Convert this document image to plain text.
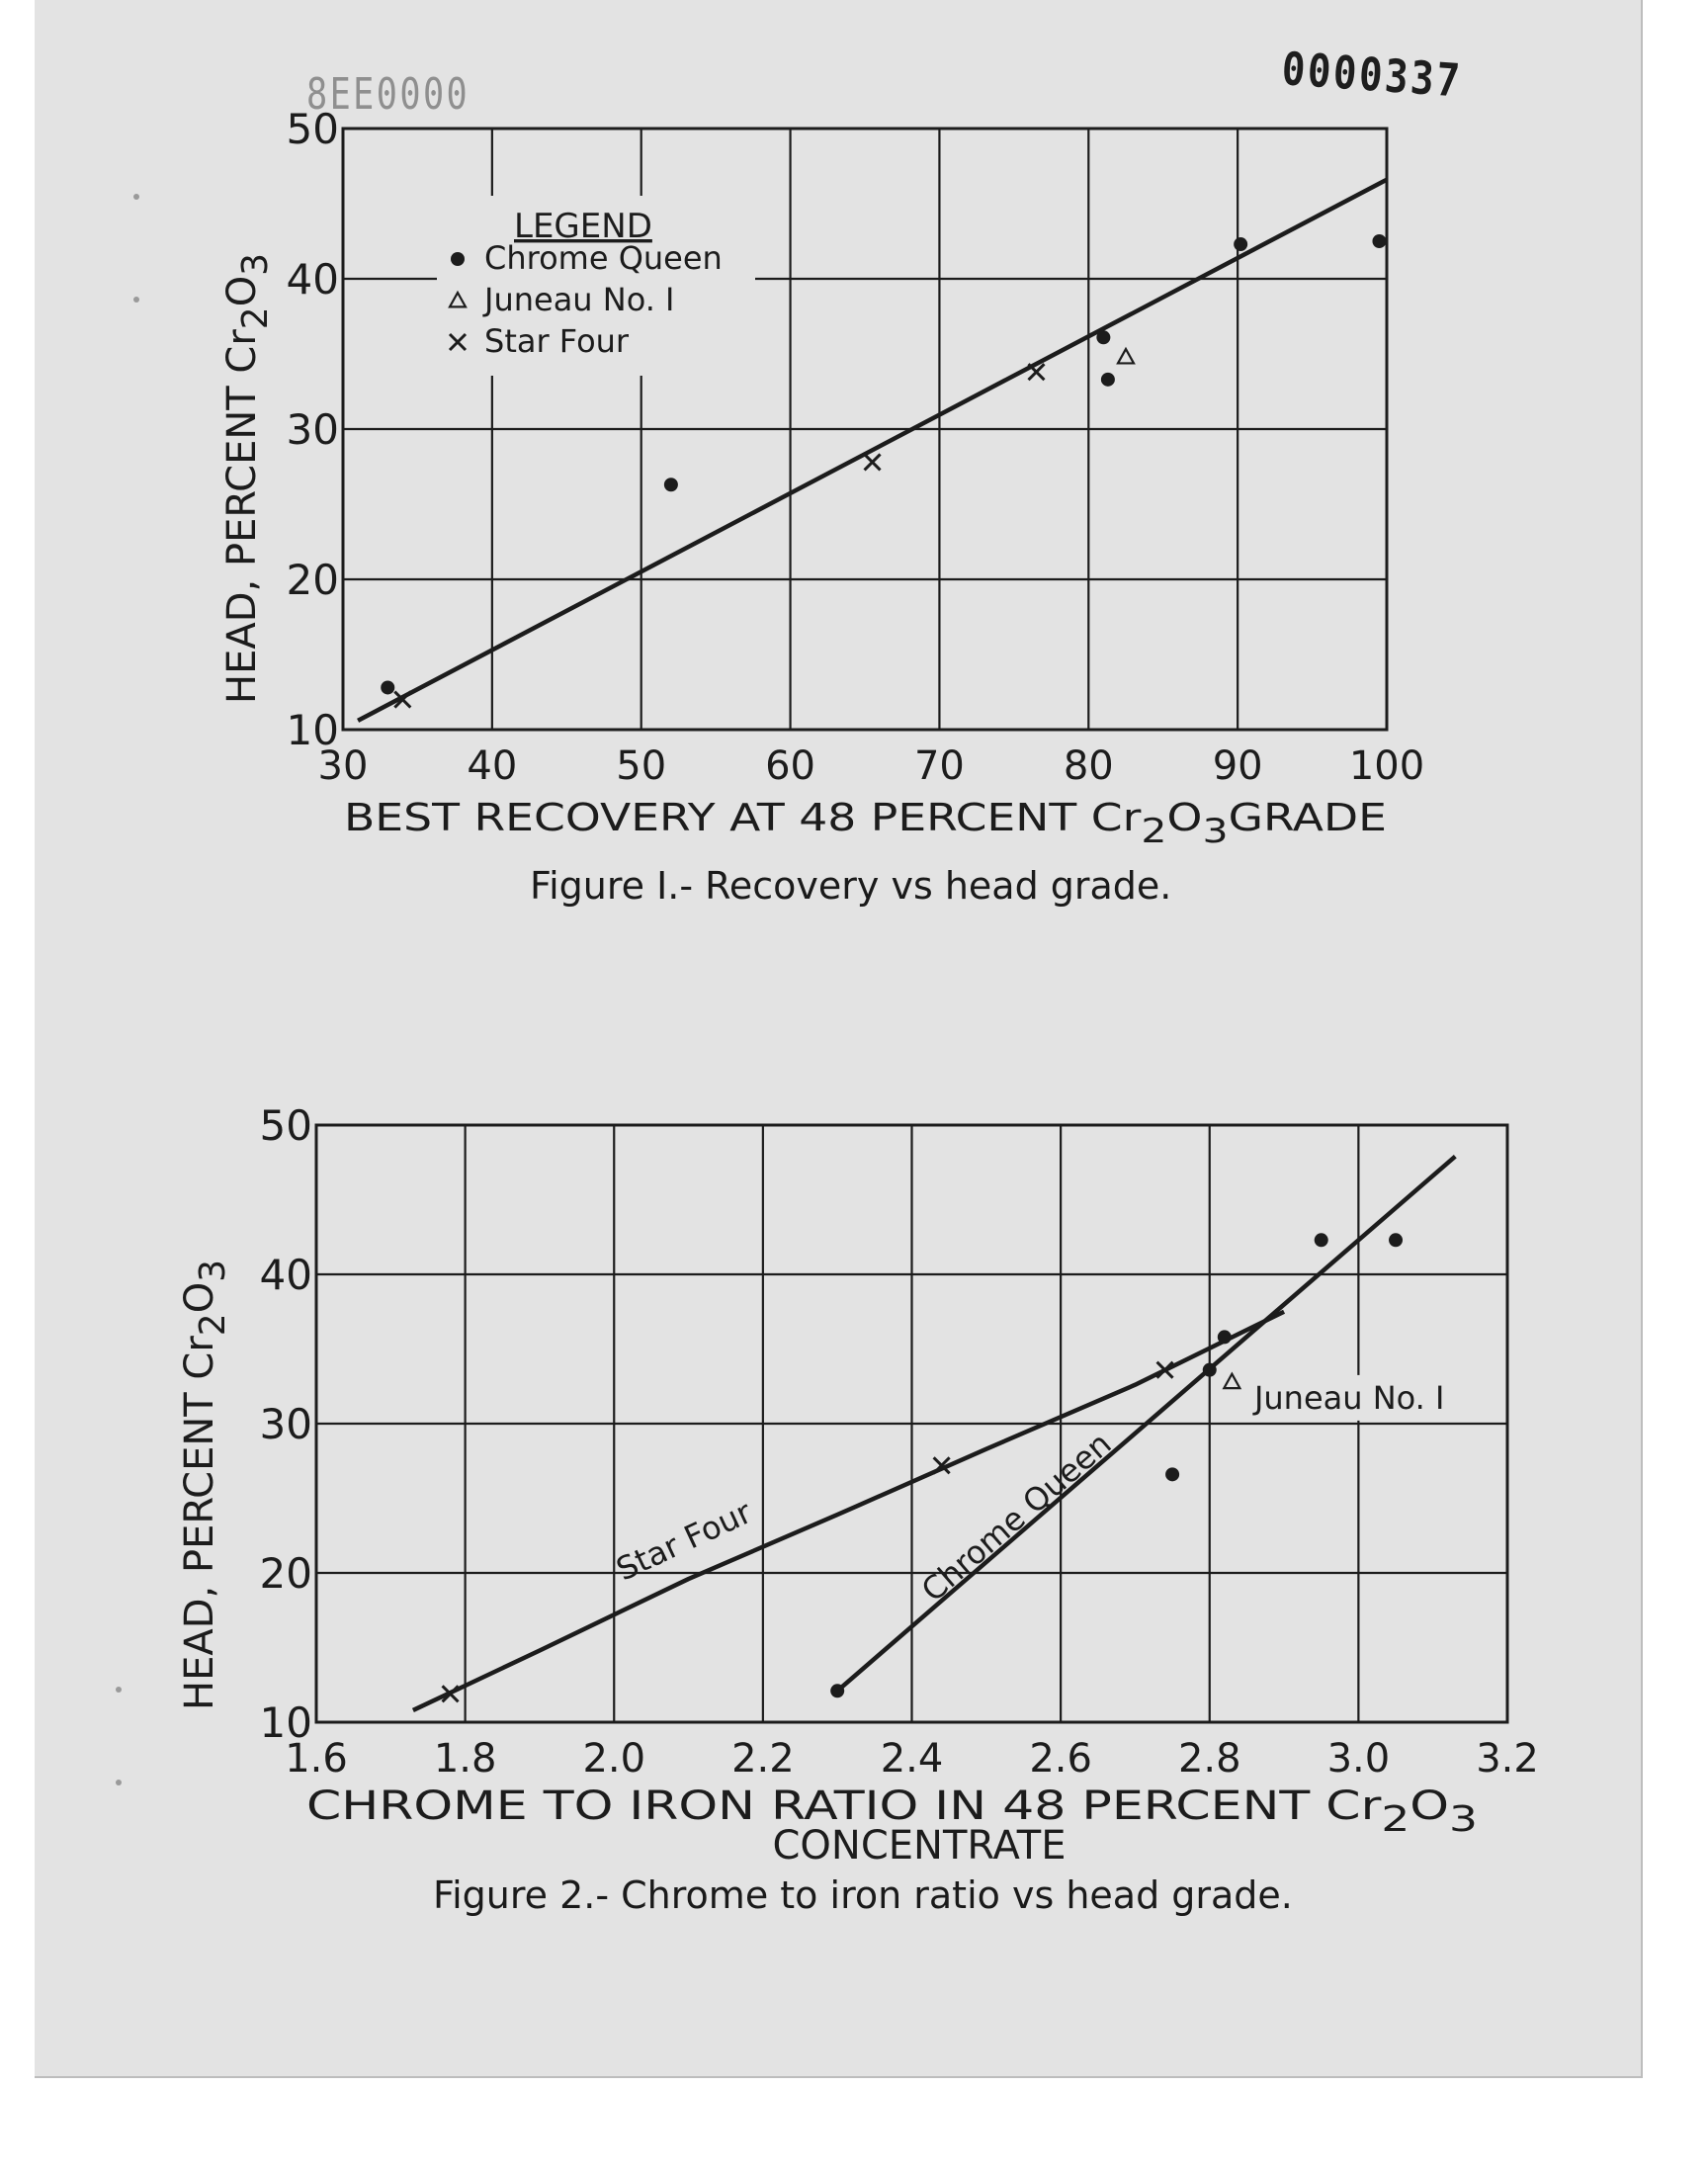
8EE0000	0000337
30 40 50 60 70 80 90 100
10
20
30
40
50
LEGEND
Chrome Queen
Juneau No. I
Star Four
BEST RECOVERY AT 48 PERCENT	Cr 2 O 3 GRADE
HEAD, PERCENT Cr2O3
Figure I.- Recovery vs head grade.
1.6 1.8 2.0 2.2 2.4 2.6 2.8 3.0 3.2
10
20
30
40
50
Star Four	Chrome Queen
Juneau No. I
CHROME TO IRON RATIO IN 48 PERCENT	Cr 2 O 3
CONCENTRATE
HEAD, PERCENT Cr2O3
Figure 2.- Chrome to iron ratio vs head grade.
